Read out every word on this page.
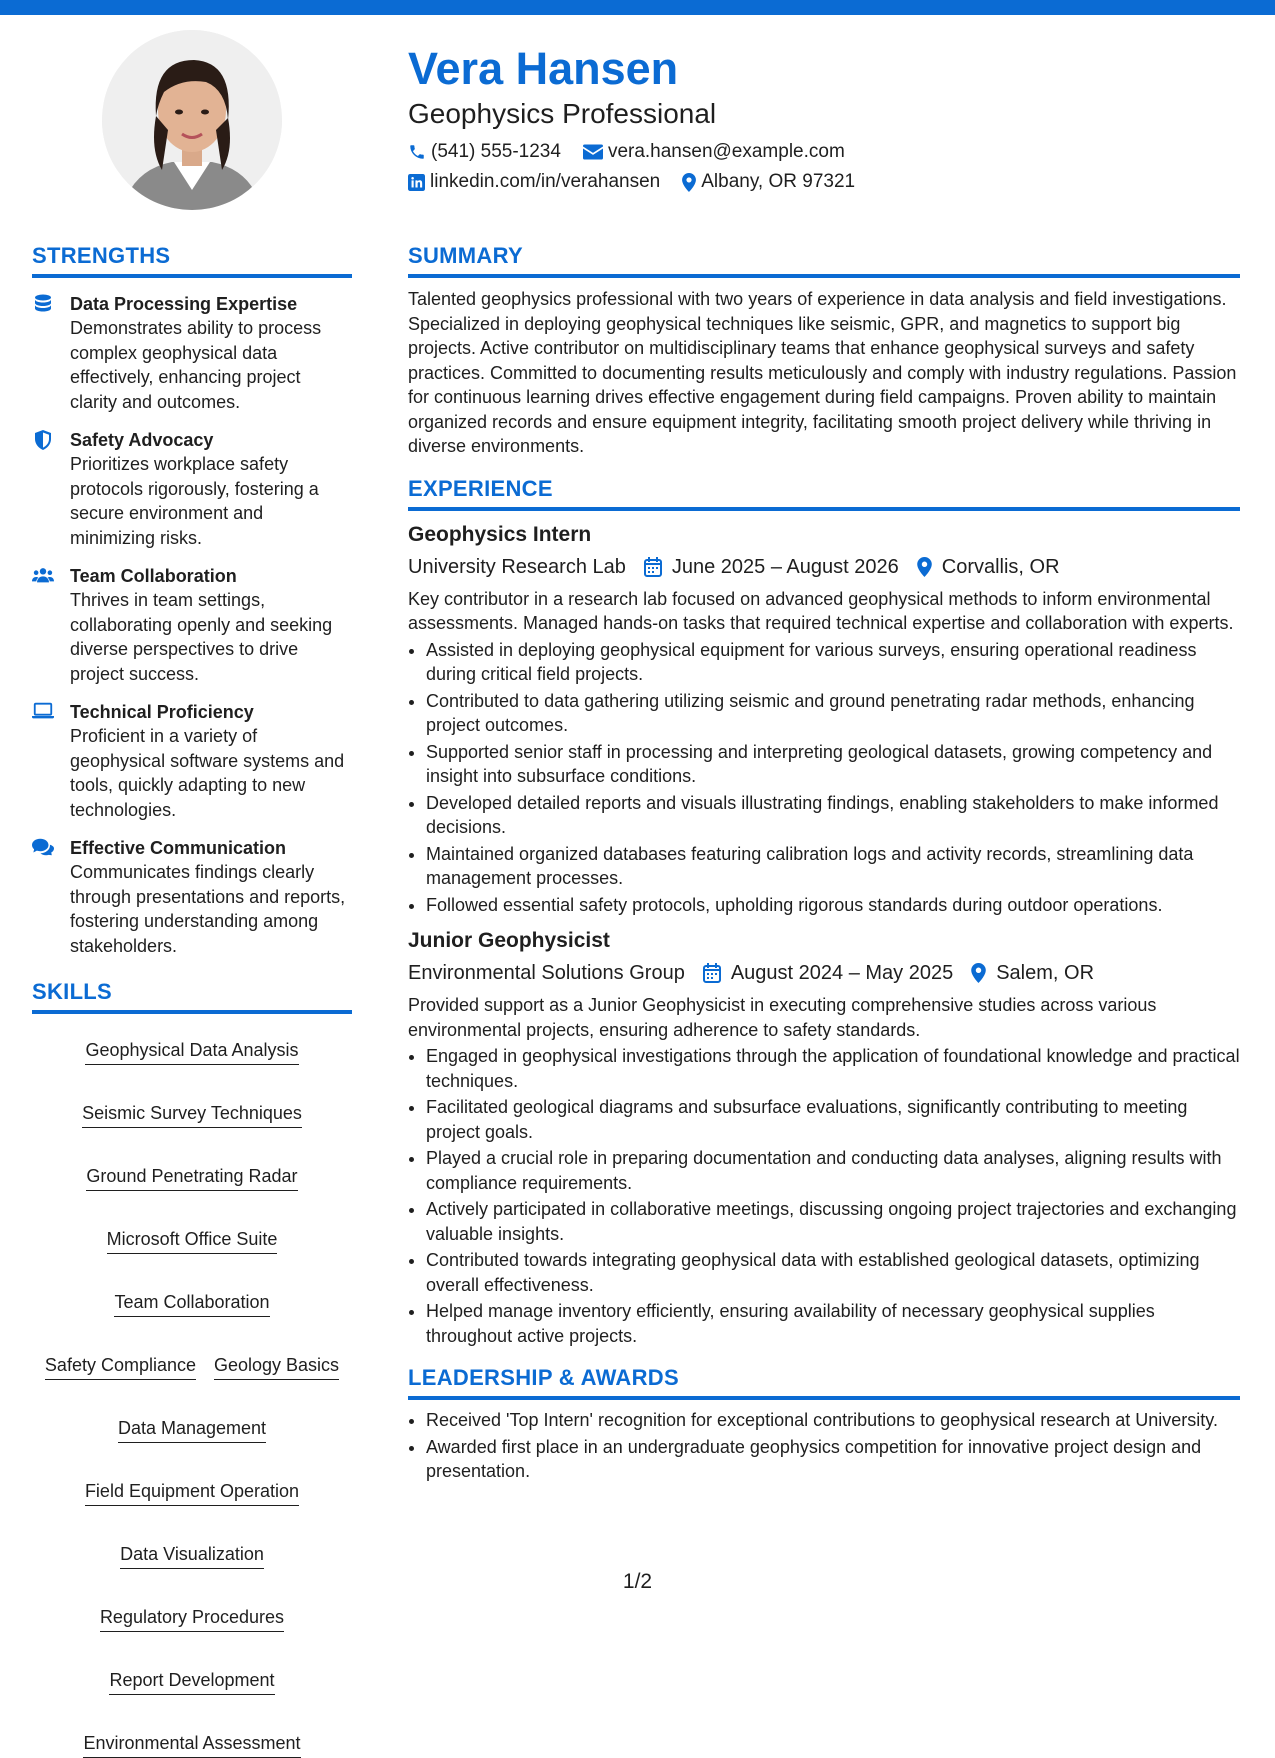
Vera Hansen
Geophysics Professional
(541) 555-1234 vera.hansen@example.com
linkedin.com/in/verahansen Albany, OR 97321
STRENGTHS
Data Processing Expertise
Demonstrates ability to process complex geophysical data effectively, enhancing project clarity and outcomes.
Safety Advocacy
Prioritizes workplace safety protocols rigorously, fostering a secure environment and minimizing risks.
Team Collaboration
Thrives in team settings, collaborating openly and seeking diverse perspectives to drive project success.
Technical Proficiency
Proficient in a variety of geophysical software systems and tools, quickly adapting to new technologies.
Effective Communication
Communicates findings clearly through presentations and reports, fostering understanding among stakeholders.
SKILLS
Geophysical Data Analysis
Seismic Survey Techniques
Ground Penetrating Radar
Microsoft Office Suite
Team Collaboration
Safety Compliance Geology Basics
Data Management
Field Equipment Operation
Data Visualization
Regulatory Procedures
Report Development
Environmental Assessment
SUMMARY
Talented geophysics professional with two years of experience in data analysis and field investigations. Specialized in deploying geophysical techniques like seismic, GPR, and magnetics to support big projects. Active contributor on multidisciplinary teams that enhance geophysical surveys and safety practices. Committed to documenting results meticulously and comply with industry regulations. Passion for continuous learning drives effective engagement during field campaigns. Proven ability to maintain organized records and ensure equipment integrity, facilitating smooth project delivery while thriving in diverse environments.
EXPERIENCE
Geophysics Intern
University Research Lab June 2025 – August 2026 Corvallis, OR
Key contributor in a research lab focused on advanced geophysical methods to inform environmental assessments. Managed hands-on tasks that required technical expertise and collaboration with experts.
• Assisted in deploying geophysical equipment for various surveys, ensuring operational readiness during critical field projects.
• Contributed to data gathering utilizing seismic and ground penetrating radar methods, enhancing project outcomes.
• Supported senior staff in processing and interpreting geological datasets, growing competency and insight into subsurface conditions.
• Developed detailed reports and visuals illustrating findings, enabling stakeholders to make informed decisions.
• Maintained organized databases featuring calibration logs and activity records, streamlining data management processes.
• Followed essential safety protocols, upholding rigorous standards during outdoor operations.
Junior Geophysicist
Environmental Solutions Group August 2024 – May 2025 Salem, OR
Provided support as a Junior Geophysicist in executing comprehensive studies across various environmental projects, ensuring adherence to safety standards.
• Engaged in geophysical investigations through the application of foundational knowledge and practical techniques.
• Facilitated geological diagrams and subsurface evaluations, significantly contributing to meeting project goals.
• Played a crucial role in preparing documentation and conducting data analyses, aligning results with compliance requirements.
• Actively participated in collaborative meetings, discussing ongoing project trajectories and exchanging valuable insights.
• Contributed towards integrating geophysical data with established geological datasets, optimizing overall effectiveness.
• Helped manage inventory efficiently, ensuring availability of necessary geophysical supplies throughout active projects.
LEADERSHIP & AWARDS
• Received 'Top Intern' recognition for exceptional contributions to geophysical research at University.
• Awarded first place in an undergraduate geophysics competition for innovative project design and presentation.
1/2
